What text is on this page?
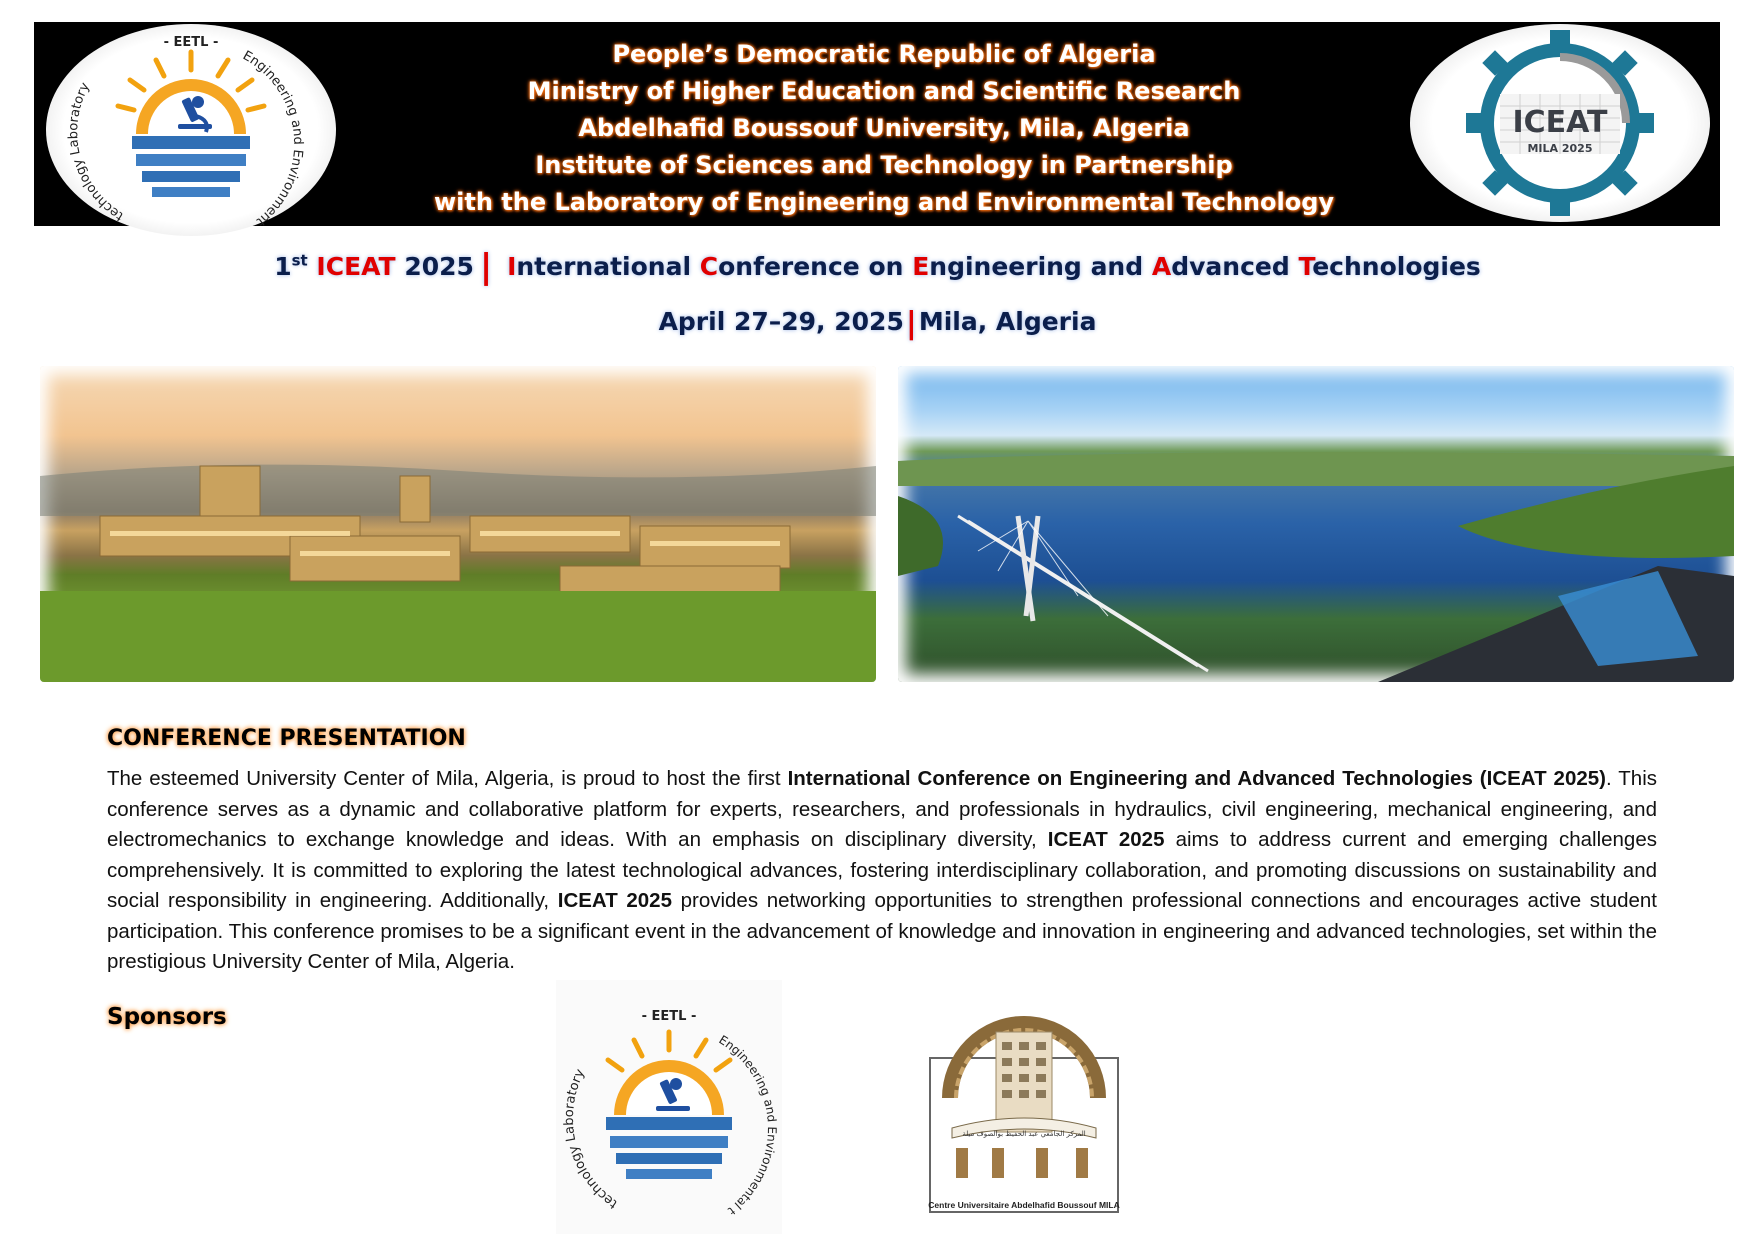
- EETL -
technology Laboratory
Engineering and Environment
People’s Democratic Republic of Algeria
Ministry of Higher Education and Scientific Research
Abdelhafid Boussouf University, Mila, Algeria
Institute of Sciences and Technology in Partnership
with the Laboratory of Engineering and Environmental Technology
ICEAT
MILA 2025
1st ICEAT 2025 | International Conference on Engineering and Advanced Technologies
April 27–29, 2025|Mila, Algeria
CONFERENCE PRESENTATION

The esteemed University Center of Mila, Algeria, is proud to host the first International Conference on Engineering and Advanced Technologies (ICEAT 2025). This conference serves as a dynamic and collaborative platform for experts, researchers, and professionals in hydraulics, civil engineering, mechanical engineering, and electromechanics to exchange knowledge and ideas. With an emphasis on disciplinary diversity, ICEAT 2025 aims to address current and emerging challenges comprehensively. It is committed to exploring the latest technological advances, fostering interdisciplinary collaboration, and promoting discussions on sustainability and social responsibility in engineering. Additionally, ICEAT 2025 provides networking opportunities to strengthen professional connections and encourages active student participation. This conference promises to be a significant event in the advancement of knowledge and innovation in engineering and advanced technologies, set within the prestigious University Center of Mila, Algeria.

Sponsors	- EETL -
technology Laboratory
Engineering and Environmental t
المركز الجامعي عبد الحفيظ بوالصوف ميلة
Centre Universitaire Abdelhafid Boussouf MILA
